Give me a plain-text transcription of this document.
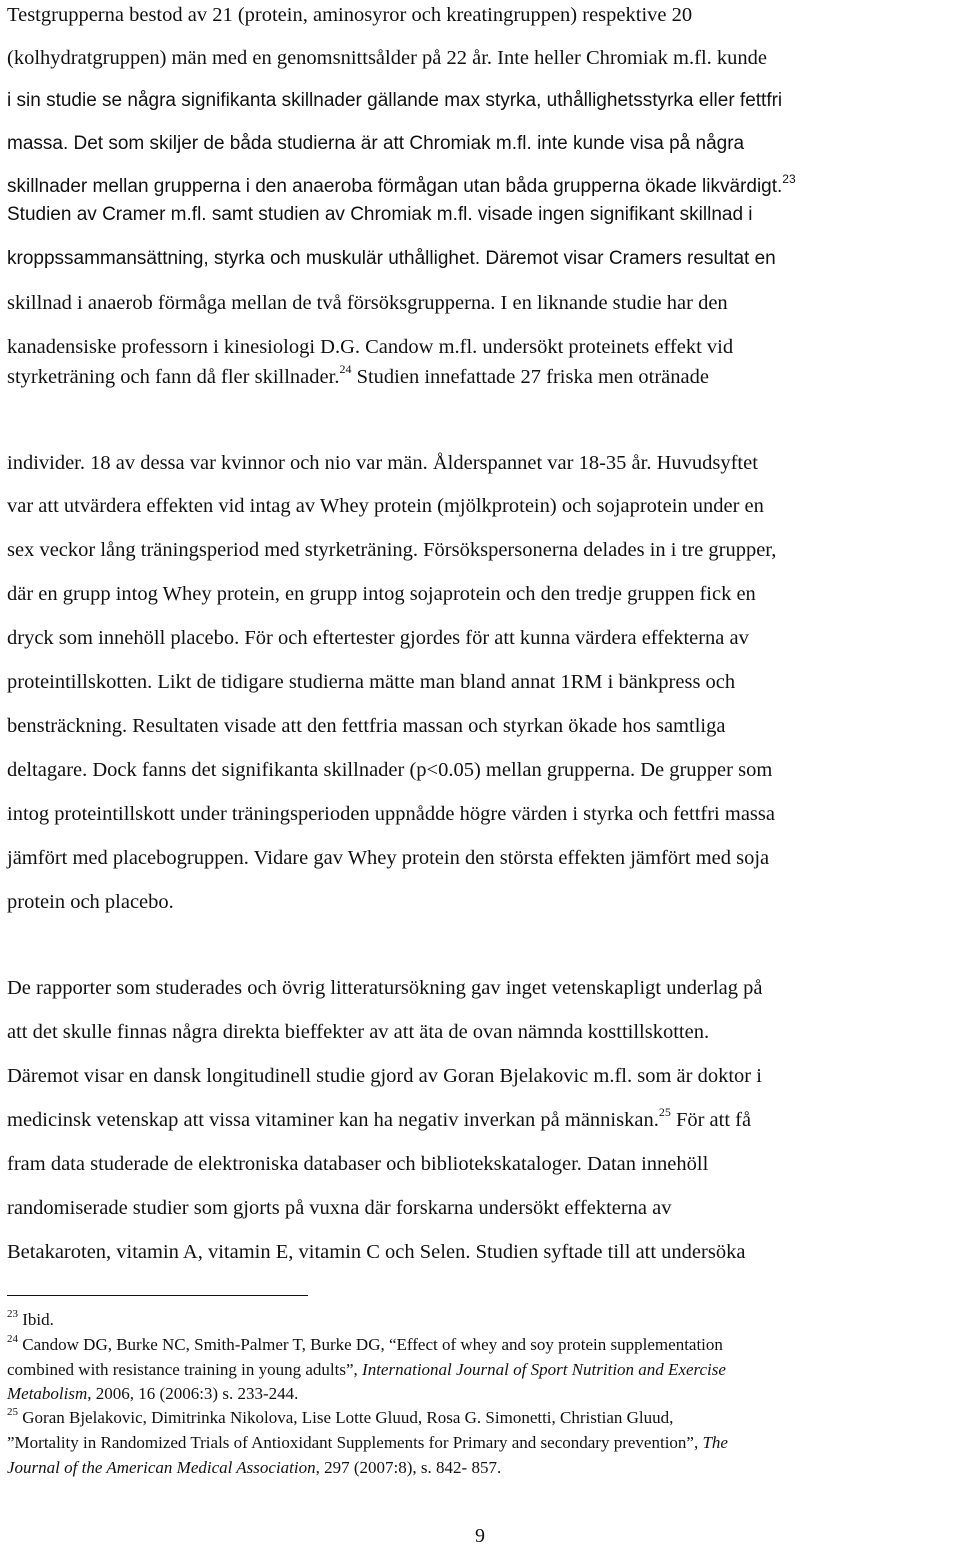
Testgrupperna bestod av 21 (protein, aminosyror och kreatingruppen) respektive 20
(kolhydratgruppen) män med en genomsnittsålder på 22 år. Inte heller Chromiak m.fl. kunde
i sin studie se några signifikanta skillnader gällande max styrka, uthållighetsstyrka eller fettfri
massa. Det som skiljer de båda studierna är att Chromiak m.fl. inte kunde visa på några
skillnader mellan grupperna i den anaeroba förmågan utan båda grupperna ökade likvärdigt.$^{23}$
Studien av Cramer m.fl. samt studien av Chromiak m.fl. visade ingen signifikant skillnad i
kroppssammansättning, styrka och muskulär uthållighet. Däremot visar Cramers resultat en
skillnad i anaerob förmåga mellan de två försöksgrupperna. I en liknande studie har den
kanadensiske professorn i kinesiologi D.G. Candow m.fl. undersökt proteinets effekt vid
styrketräning och fann då fler skillnader.$^{24}$ Studien innefattade 27 friska men otränade
individer. 18 av dessa var kvinnor och nio var män. Ålderspannet var 18-35 år. Huvudsyftet
var att utvärdera effekten vid intag av Whey protein (mjölkprotein) och sojaprotein under en
sex veckor lång träningsperiod med styrketräning. Försökspersonerna delades in i tre grupper,
där en grupp intog Whey protein, en grupp intog sojaprotein och den tredje gruppen fick en
dryck som innehöll placebo. För och eftertester gjordes för att kunna värdera effekterna av
proteintillskotten. Likt de tidigare studierna mätte man bland annat 1RM i bänkpress och
bensträckning. Resultaten visade att den fettfria massan och styrkan ökade hos samtliga
deltagare. Dock fanns det signifikanta skillnader (p<0.05) mellan grupperna. De grupper som
intog proteintillskott under träningsperioden uppnådde högre värden i styrka och fettfri massa
jämfört med placebogruppen. Vidare gav Whey protein den största effekten jämfört med soja
protein och placebo.
De rapporter som studerades och övrig litteratursökning gav inget vetenskapligt underlag på
att det skulle finnas några direkta bieffekter av att äta de ovan nämnda kosttillskotten.
Däremot visar en dansk longitudinell studie gjord av Goran Bjelakovic m.fl. som är doktor i
medicinsk vetenskap att vissa vitaminer kan ha negativ inverkan på människan.$^{25}$ För att få
fram data studerade de elektroniska databaser och bibliotekskataloger. Datan innehöll
randomiserade studier som gjorts på vuxna där forskarna undersökt effekterna av
Betakaroten, vitamin A, vitamin E, vitamin C och Selen. Studien syftade till att undersöka
$^{23}$ Ibid.
$^{24}$ Candow DG, Burke NC, Smith-Palmer T, Burke DG, “Effect of whey and soy protein supplementation
combined with resistance training in young adults”, International Journal of Sport Nutrition and Exercise
Metabolism, 2006, 16 (2006:3) s. 233-244.
$^{25}$ Goran Bjelakovic, Dimitrinka Nikolova, Lise Lotte Gluud, Rosa G. Simonetti, Christian Gluud,
”Mortality in Randomized Trials of Antioxidant Supplements for Primary and secondary prevention”, The
Journal of the American Medical Association, 297 (2007:8), s. 842- 857.
9
